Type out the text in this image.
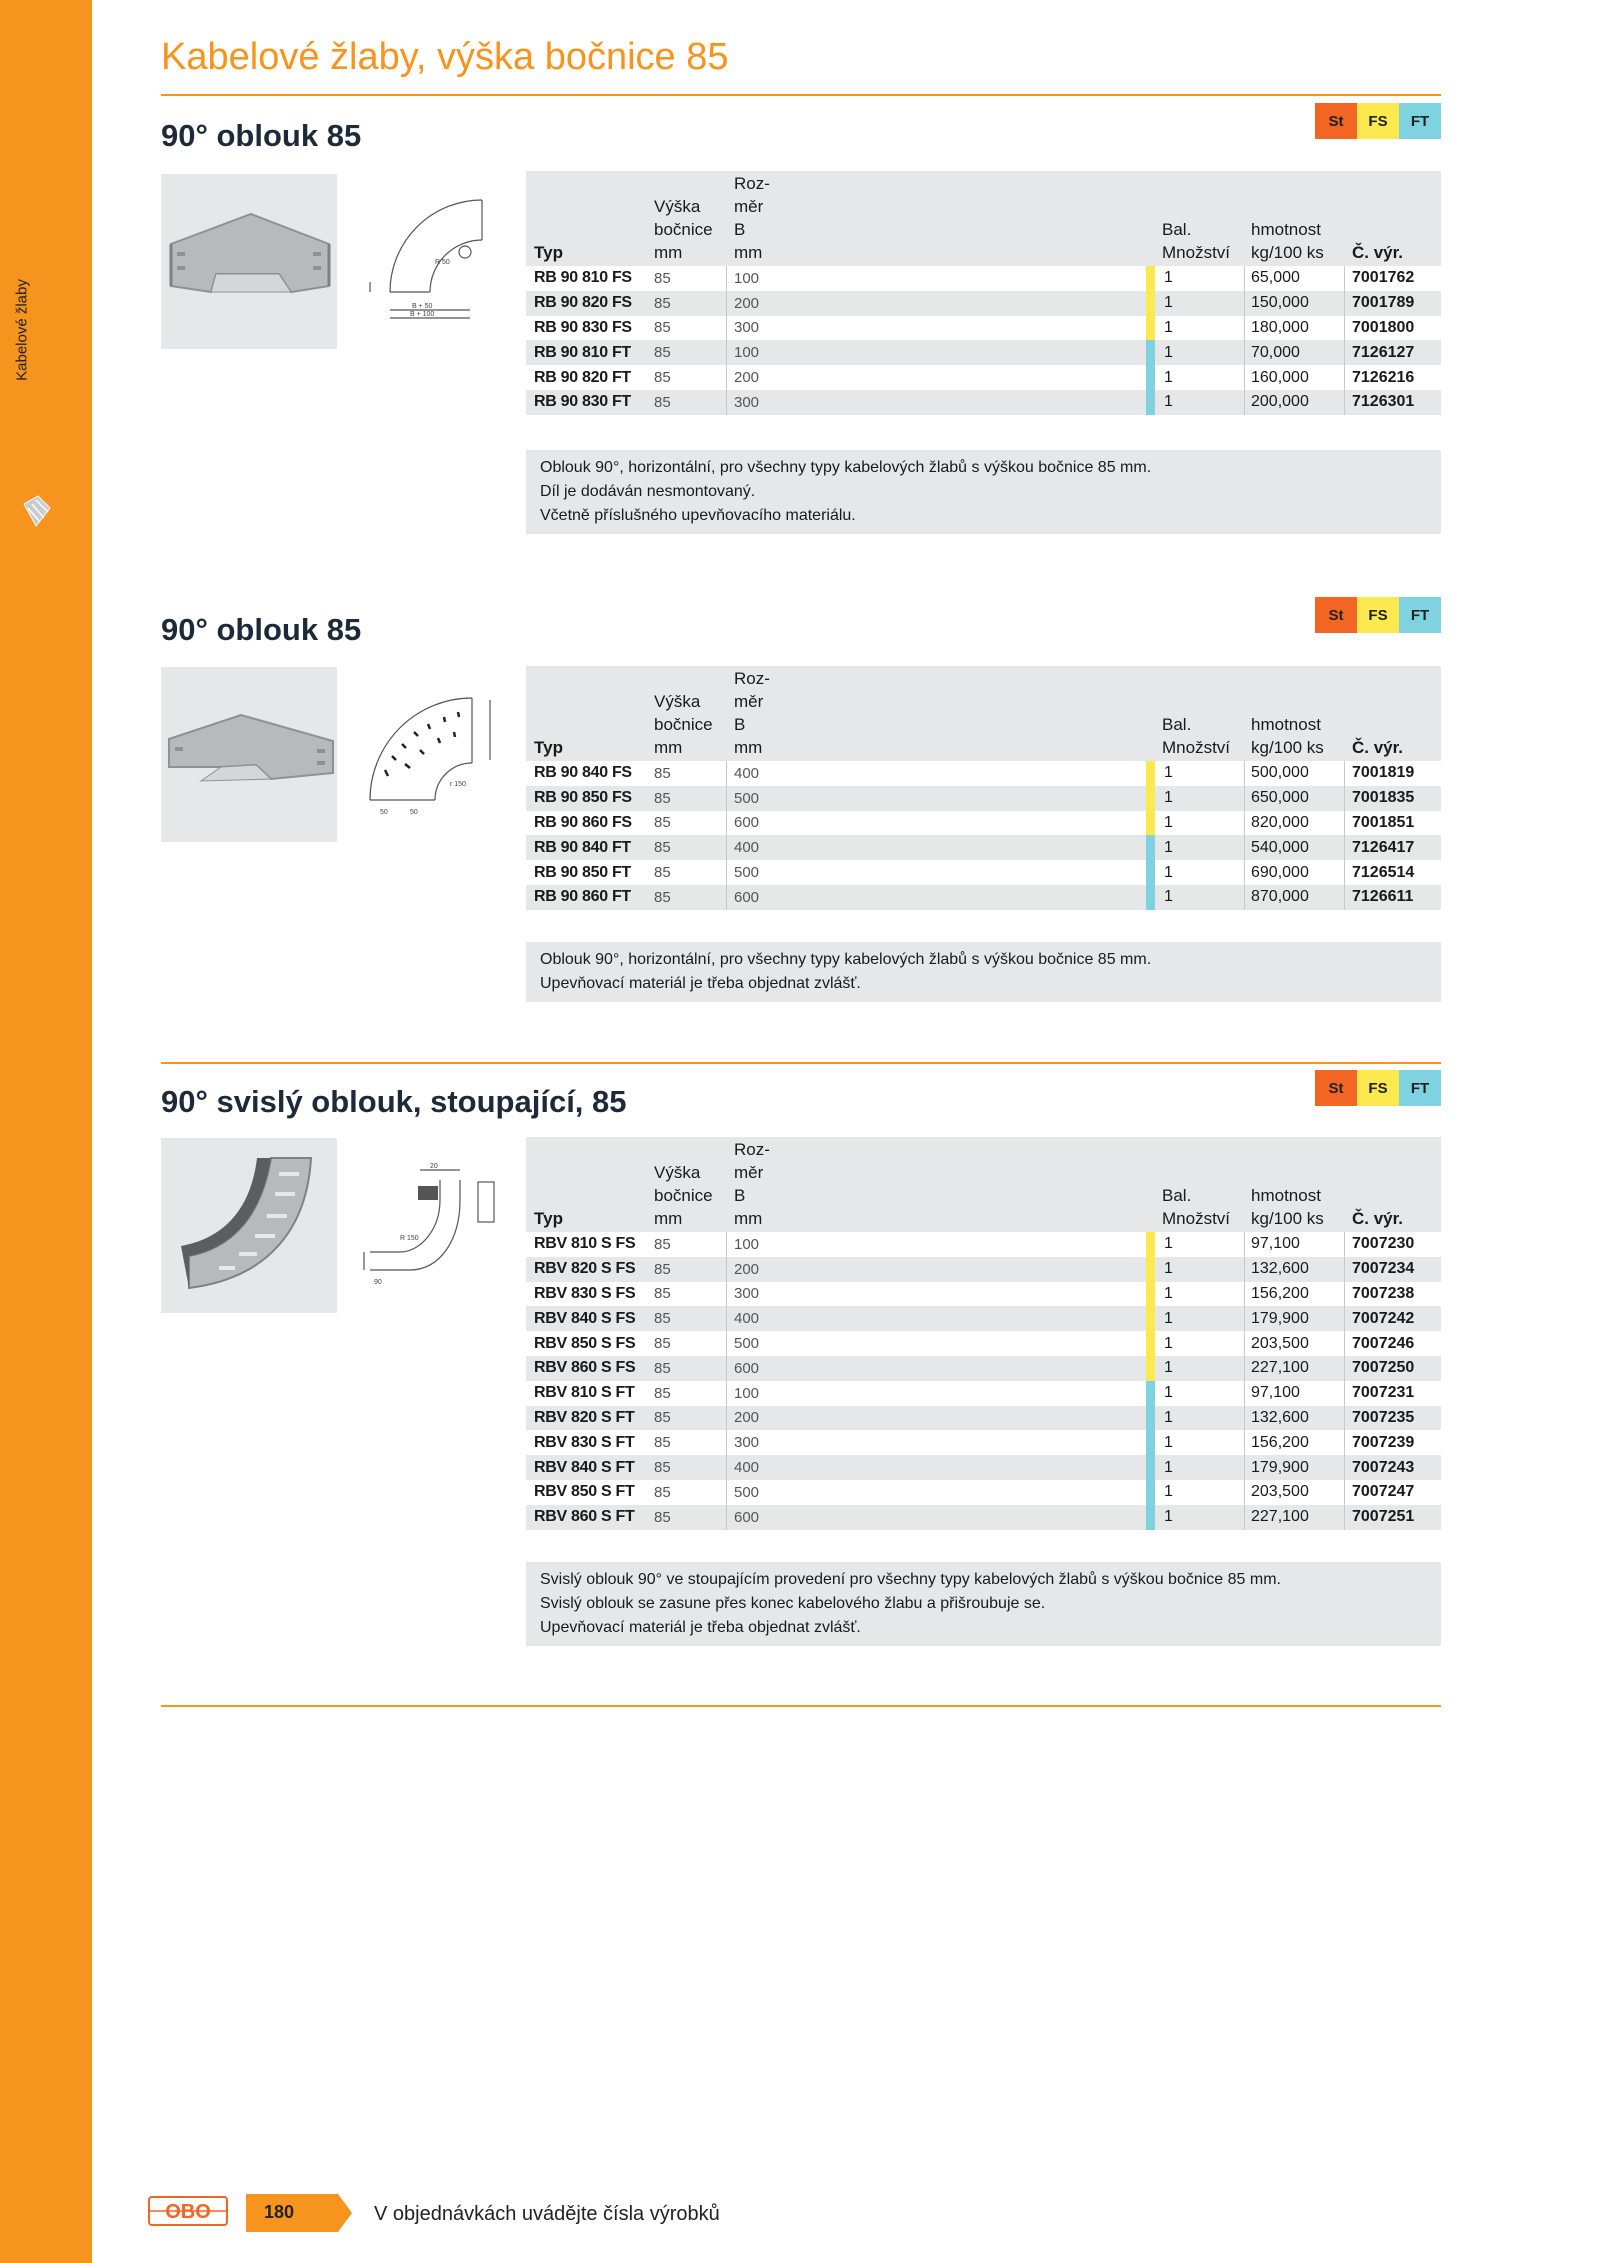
Kabelové žlaby
Kabelové žlaby, výška bočnice 85
90° oblouk 85	St	FS	FT
R 50
B + 50
B + 100
Typ
Výška
bočnice
mm
Roz-
měr
B
mm
Bal.
Množství
hmotnost
kg/100 ks Č. výr.
RB 90 810 FS 85	100	1	65,000	7001762
RB 90 820 FS 85	200	1	150,000	7001789
RB 90 830 FS 85	300	1	180,000	7001800
RB 90 810 FT 85	100	1	70,000	7126127
RB 90 820 FT 85	200	1	160,000	7126216
RB 90 830 FT 85	300	1	200,000	7126301
Oblouk 90°, horizontální, pro všechny typy kabelových žlabů s výškou bočnice 85 mm.
Díl je dodáván nesmontovaný.
Včetně příslušného upevňovacího materiálu.
90° oblouk 85	St	FS	FT
r 150
50	50
Typ
Výška
bočnice
mm
Roz-
měr
B
mm
Bal.
Množství
hmotnost
kg/100 ks Č. výr.
RB 90 840 FS 85	400	1	500,000	7001819
RB 90 850 FS 85	500	1	650,000	7001835
RB 90 860 FS 85	600	1	820,000	7001851
RB 90 840 FT 85	400	1	540,000	7126417
RB 90 850 FT 85	500	1	690,000	7126514
RB 90 860 FT 85	600	1	870,000	7126611
Oblouk 90°, horizontální, pro všechny typy kabelových žlabů s výškou bočnice 85 mm.
Upevňovací materiál je třeba objednat zvlášť.
90° svislý oblouk, stoupající, 85	St	FS	FT
20
R 150
90
Typ
Výška
bočnice
mm
Roz-
měr
B
mm
Bal.
Množství
hmotnost
kg/100 ks Č. výr.
RBV 810 S FS 85	100	1	97,100	7007230
RBV 820 S FS 85	200	1	132,600	7007234
RBV 830 S FS 85	300	1	156,200	7007238
RBV 840 S FS 85	400	1	179,900	7007242
RBV 850 S FS 85	500	1	203,500	7007246
RBV 860 S FS 85	600	1	227,100	7007250
RBV 810 S FT 85	100	1	97,100	7007231
RBV 820 S FT 85	200	1	132,600	7007235
RBV 830 S FT 85	300	1	156,200	7007239
RBV 840 S FT 85	400	1	179,900	7007243
RBV 850 S FT 85	500	1	203,500	7007247
RBV 860 S FT 85	600	1	227,100	7007251
Svislý oblouk 90° ve stoupajícím provedení pro všechny typy kabelových žlabů s výškou bočnice 85 mm.
Svislý oblouk se zasune přes konec kabelového žlabu a přišroubuje se.
Upevňovací materiál je třeba objednat zvlášť.
OBO	180	V objednávkách uvádějte čísla výrobků
